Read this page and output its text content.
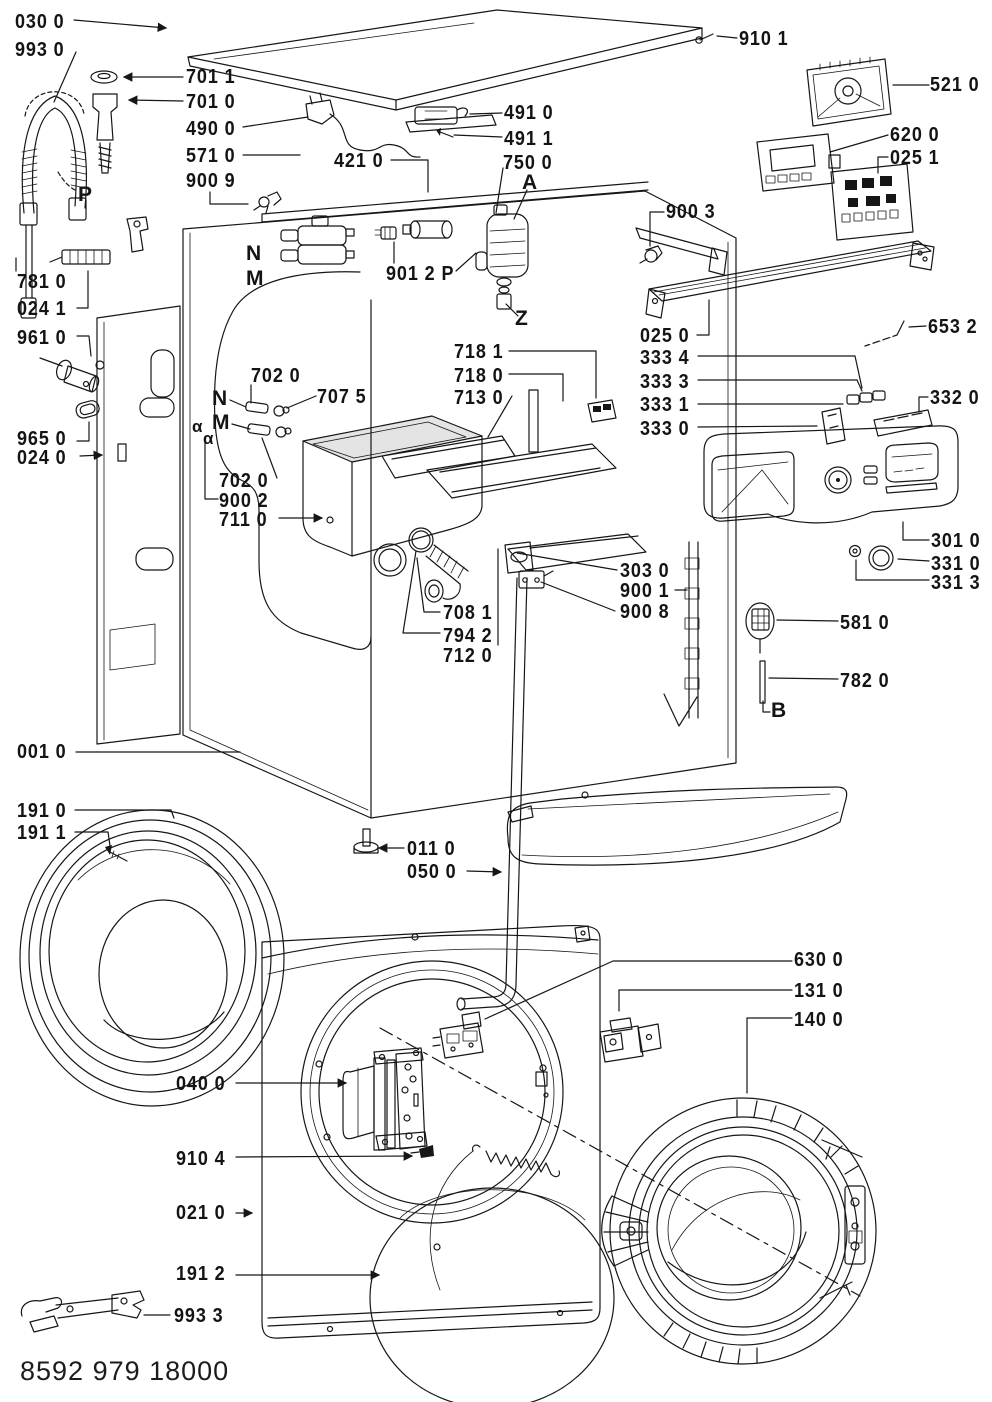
030 0
993 0
701 1
701 0
490 0
571 0
900 9
910 1
521 0
620 0
025 1
491 0
491 1
421 0	750 0
901 2 P
900 3
025 0
333 4
333 3
333 1
333 0
653 2
332 0
781 0
024 1
961 0
965 0
024 0
702 0
707 5
702 0
900 2
711 0
718 1
718 0
713 0
303 0
900 1
900 8
708 1
794 2
712 0
301 0
331 0
331 3
581 0
782 0
001 0
191 0
191 1
011 0
050 0
630 0
131 0
140 0
040 0
910 4
021 0
191 2
993 3
P
N
M
A
Z
N
M
B
α
α
8592 979 18000
